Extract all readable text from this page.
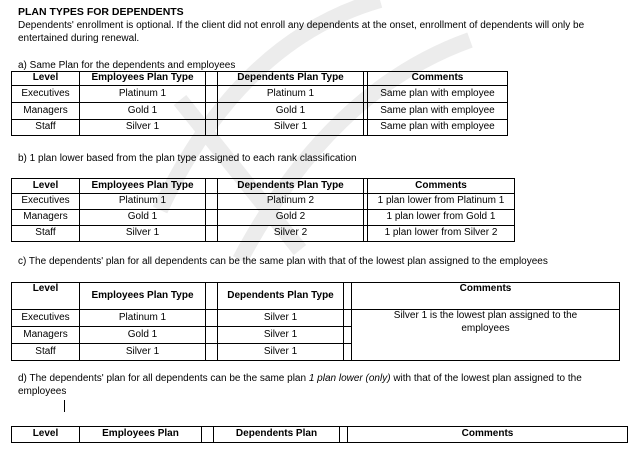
PLAN TYPES FOR DEPENDENTS
Dependents' enrollment is optional. If the client did not enroll any dependents at the onset, enrollment of dependents will only be entertained during renewal.
a) Same Plan for the dependents and employees
Level	Employees Plan Type		Dependents Plan Type		Comments
Executives	Platinum 1		Platinum 1		Same plan with employee
Managers	Gold 1		Gold 1		Same plan with employee
Staff	Silver 1		Silver 1		Same plan with employee
b) 1 plan lower based from the plan type assigned to each rank classification
Level	Employees Plan Type		Dependents Plan Type		Comments
Executives	Platinum 1		Platinum 2		1 plan lower from Platinum 1
Managers	Gold 1		Gold 2		1 plan lower from Gold 1
Staff	Silver 1		Silver 2		1 plan lower from Silver 2
c) The dependents' plan for all dependents can be the same plan with that of the lowest plan assigned to the employees
Level	Employees Plan Type		Dependents Plan Type		Comments
Executives	Platinum 1		Silver 1		Silver 1 is the lowest plan assigned to the employees
Managers	Gold 1		Silver 1		
Staff	Silver 1		Silver 1		
d) The dependents' plan for all dependents can be the same plan 1 plan lower (only) with that of the lowest plan assigned to the employees
Level	Employees Plan		Dependents Plan		Comments
